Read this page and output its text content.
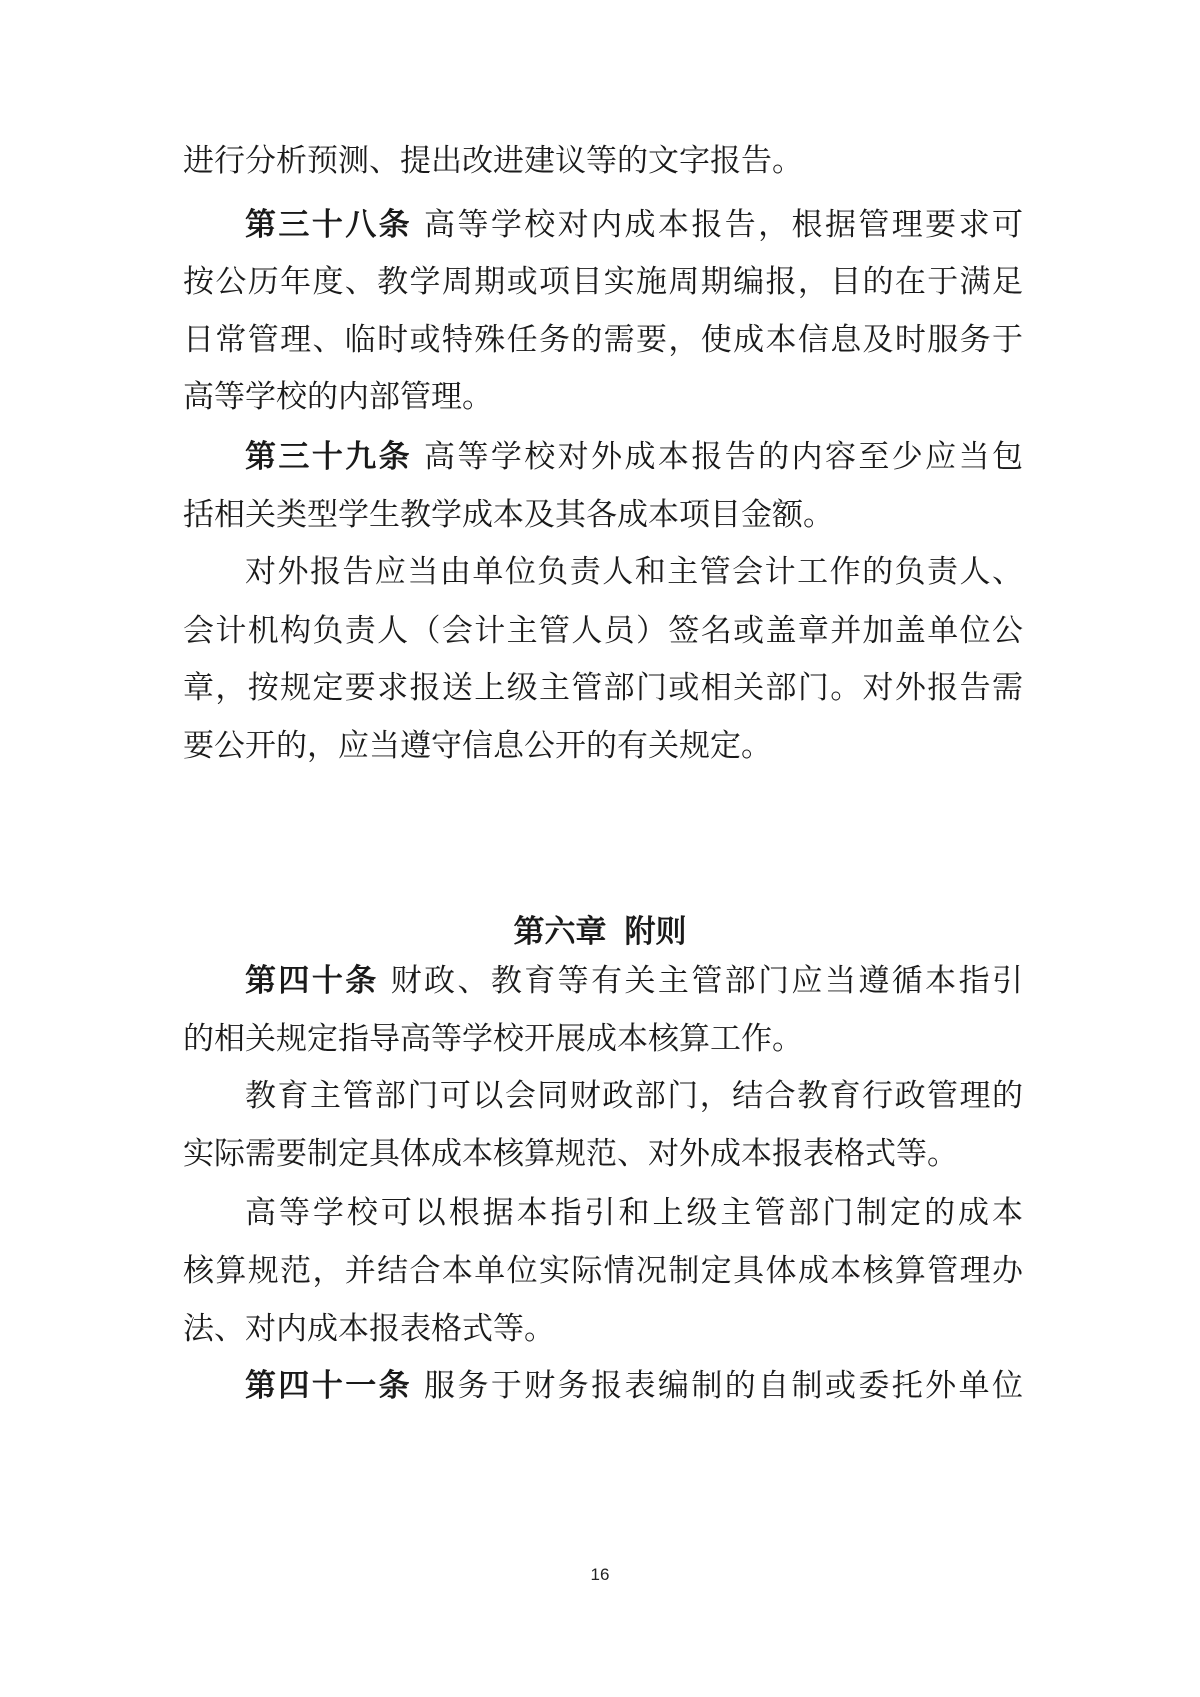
进行分析预测、提出改进建议等的文字报告。
第三十八条 高等学校对内成本报告，根据管理要求可
按公历年度、教学周期或项目实施周期编报，目的在于满足
日常管理、临时或特殊任务的需要，使成本信息及时服务于
高等学校的内部管理。
第三十九条 高等学校对外成本报告的内容至少应当包
括相关类型学生教学成本及其各成本项目金额。
对外报告应当由单位负责人和主管会计工作的负责人、
会计机构负责人（会计主管人员）签名或盖章并加盖单位公
章，按规定要求报送上级主管部门或相关部门。对外报告需
要公开的，应当遵守信息公开的有关规定。
第六章 附则
第四十条 财政、教育等有关主管部门应当遵循本指引
的相关规定指导高等学校开展成本核算工作。
教育主管部门可以会同财政部门，结合教育行政管理的
实际需要制定具体成本核算规范、对外成本报表格式等。
高等学校可以根据本指引和上级主管部门制定的成本
核算规范，并结合本单位实际情况制定具体成本核算管理办
法、对内成本报表格式等。
第四十一条 服务于财务报表编制的自制或委托外单位
16
